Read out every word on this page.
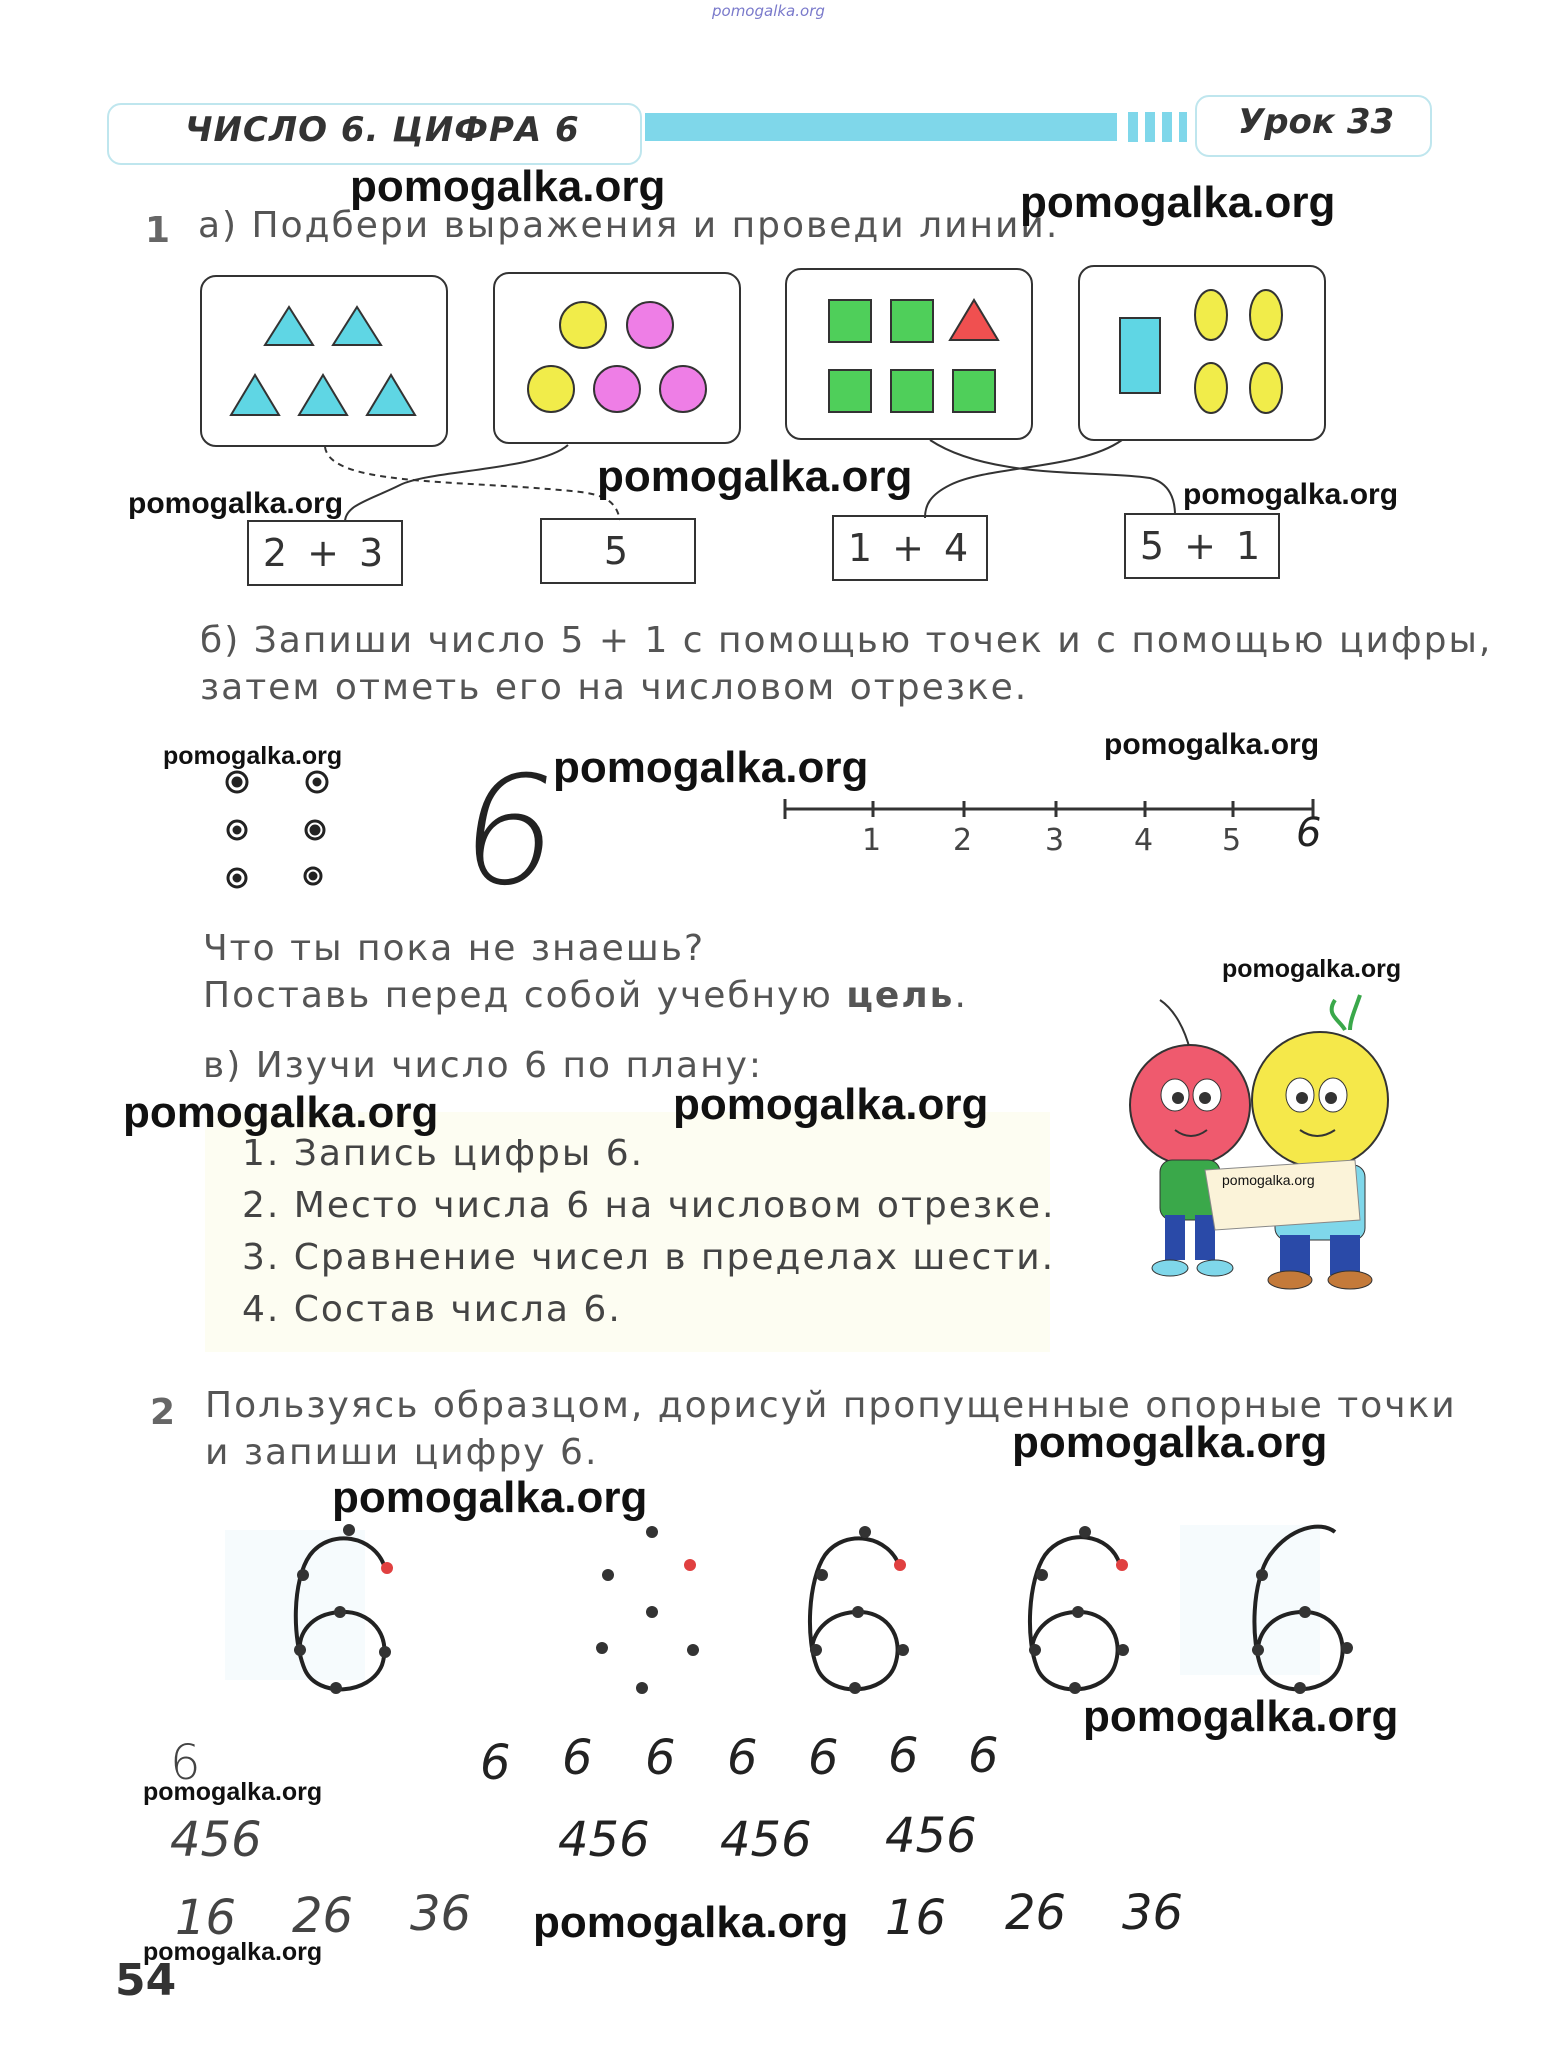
pomogalka.org
ЧИСЛО 6. ЦИФРА 6	Урок 33
1 а) Подбери выражения и проведи линии.
2 + 3	5	1 + 4	5 + 1
б) Запиши число 5 + 1 с помощью точек и с помощью цифры,
затем отметь его на числовом отрезке.
6	1 2 3 4 5 6
Что ты пока не знаешь?
Поставь перед собой учебную цель.
в) Изучи число 6 по плану:
1. Запись цифры 6.
2. Место числа 6 на числовом отрезке.
3. Сравнение чисел в пределах шести.
4. Состав числа 6.
2 Пользуясь образцом, дорисуй пропущенные опорные точки
и запиши цифру 6.
6	6 6 6 6 6 6 6
456	456 456 456
16 26 36	16 26 36
54
pomogalka.org	pomogalka.org
pomogalka.org
pomogalka.org	pomogalka.org
pomogalka.org	pomogalka.org	pomogalka.org
pomogalka.org
pomogalka.org	pomogalka.org
pomogalka.org
pomogalka.org
pomogalka.org
pomogalka.org
pomogalka.org
pomogalka.org
pomogalka.org
